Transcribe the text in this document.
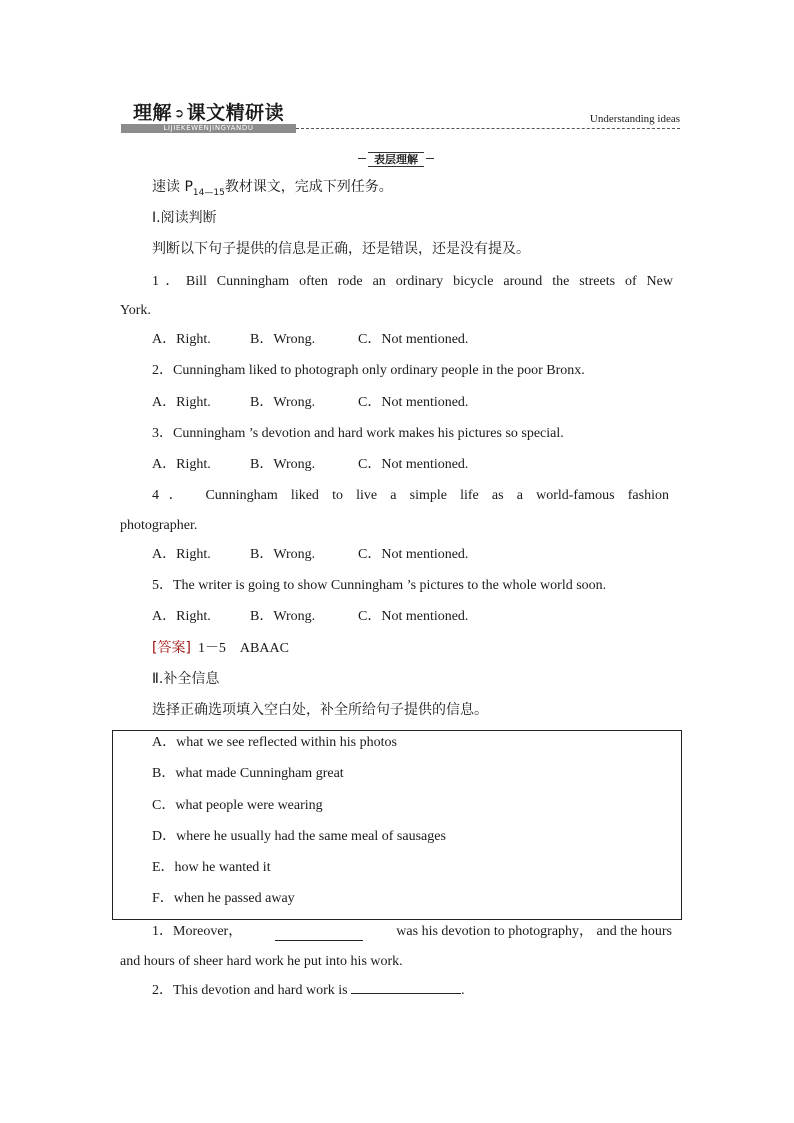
理解 ➲ 课文精研读
LIJIEKEWENJINGYANDU
Understanding ideas
表层理解
速读 $P_{14—15}$教材课文，完成下列任务。
Ⅰ.阅读判断
判断以下句子提供的信息是正确，还是错误，还是没有提及。
1．Bill Cunningham often rode an ordinary bicycle around the streets of New
York.
A．Right.	B．Wrong.	C．Not mentioned.
2．Cunningham liked to photograph only ordinary people in the poor Bronx.
A．Right.	B．Wrong.	C．Not mentioned.
3．Cunningham ’s devotion and hard work makes his pictures so special.
A．Right.	B．Wrong.	C．Not mentioned.
4． Cunningham liked to live a simple life as a world-famous fashion
photographer.
A．Right.	B．Wrong.	C．Not mentioned.
5．The writer is going to show Cunningham ’s pictures to the whole world soon.
A．Right.	B．Wrong.	C．Not mentioned.
[答案] 1－5　ABAAC
Ⅱ.补全信息
选择正确选项填入空白处，补全所给句子提供的信息。
A．what we see reflected within his photos
B．what made Cunningham great
C．what people were wearing
D．where he usually had the same meal of sausages
E．how he wanted it
F．when he passed away
1．Moreover，	was his devotion to photography， and the hours
and hours of sheer hard work he put into his work.
2．This devotion and hard work is	.
